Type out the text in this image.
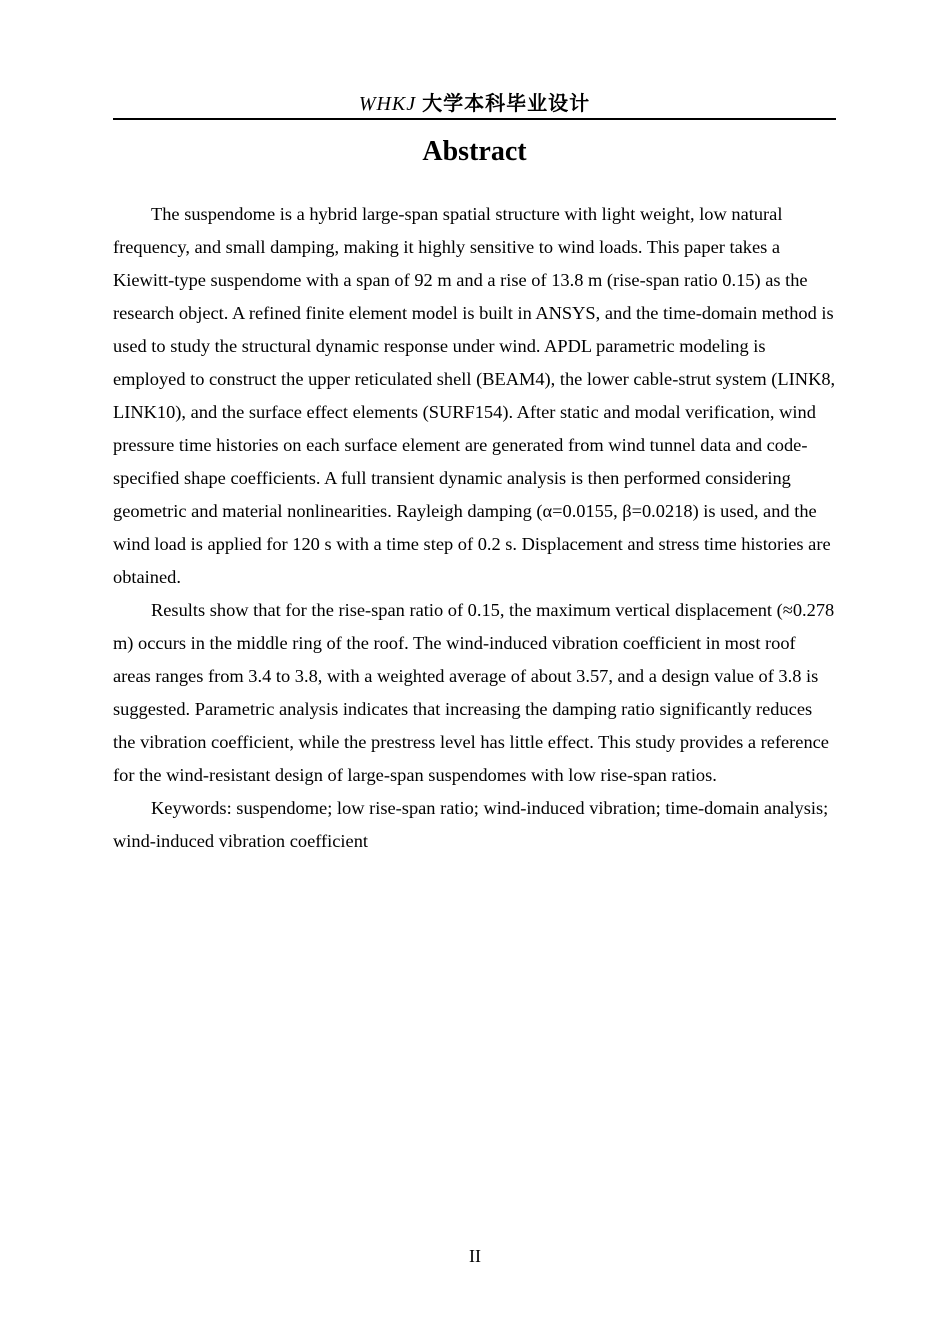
WHKJ 大学本科毕业设计
Abstract

The suspendome is a hybrid large-span spatial structure with light weight, low natural frequency, and small damping, making it highly sensitive to wind loads. This paper takes a Kiewitt-type suspendome with a span of 92 m and a rise of 13.8 m (rise-span ratio 0.15) as the research object. A refined finite element model is built in ANSYS, and the time-domain method is used to study the structural dynamic response under wind. APDL parametric modeling is employed to construct the upper reticulated shell (BEAM4), the lower cable-strut system (LINK8, LINK10), and the surface effect elements (SURF154). After static and modal verification, wind pressure time histories on each surface element are generated from wind tunnel data and code-specified shape coefficients. A full transient dynamic analysis is then performed considering geometric and material nonlinearities. Rayleigh damping (α=0.0155, β=0.0218) is used, and the wind load is applied for 120 s with a time step of 0.2 s. Displacement and stress time histories are obtained.

Results show that for the rise-span ratio of 0.15, the maximum vertical displacement (≈0.278 m) occurs in the middle ring of the roof. The wind-induced vibration coefficient in most roof areas ranges from 3.4 to 3.8, with a weighted average of about 3.57, and a design value of 3.8 is suggested. Parametric analysis indicates that increasing the damping ratio significantly reduces the vibration coefficient, while the prestress level has little effect. This study provides a reference for the wind-resistant design of large-span suspendomes with low rise-span ratios.

Keywords: suspendome; low rise-span ratio; wind-induced vibration; time-domain analysis; wind-induced vibration coefficient

II
